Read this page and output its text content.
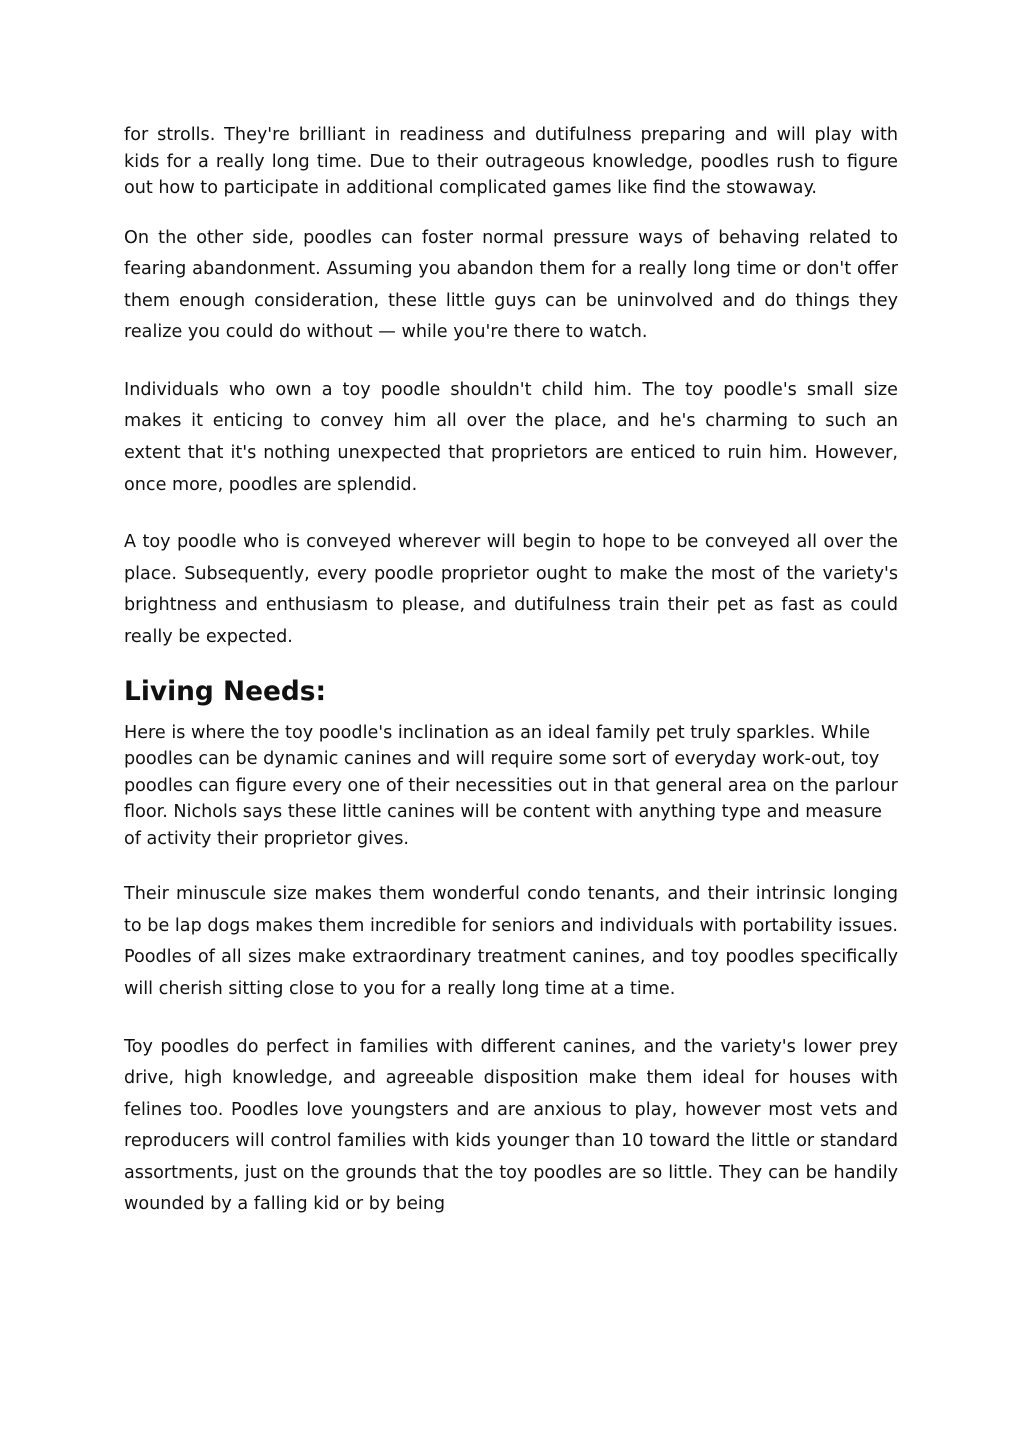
for strolls. They're brilliant in readiness and dutifulness preparing and will play with kids for a really long time. Due to their outrageous knowledge, poodles rush to figure out how to participate in additional complicated games like find the stowaway.

On the other side, poodles can foster normal pressure ways of behaving related to fearing abandonment. Assuming you abandon them for a really long time or don't offer them enough consideration, these little guys can be uninvolved and do things they realize you could do without — while you're there to watch.

Individuals who own a toy poodle shouldn't child him. The toy poodle's small size makes it enticing to convey him all over the place, and he's charming to such an extent that it's nothing unexpected that proprietors are enticed to ruin him. However, once more, poodles are splendid.

A toy poodle who is conveyed wherever will begin to hope to be conveyed all over the place. Subsequently, every poodle proprietor ought to make the most of the variety's brightness and enthusiasm to please, and dutifulness train their pet as fast as could really be expected.

Living Needs:

Here is where the toy poodle's inclination as an ideal family pet truly sparkles. While poodles can be dynamic canines and will require some sort of everyday work-out, toy poodles can figure every one of their necessities out in that general area on the parlour floor. Nichols says these little canines will be content with anything type and measure of activity their proprietor gives.

Their minuscule size makes them wonderful condo tenants, and their intrinsic longing to be lap dogs makes them incredible for seniors and individuals with portability issues. Poodles of all sizes make extraordinary treatment canines, and toy poodles specifically will cherish sitting close to you for a really long time at a time.

Toy poodles do perfect in families with different canines, and the variety's lower prey drive, high knowledge, and agreeable disposition make them ideal for houses with felines too. Poodles love youngsters and are anxious to play, however most vets and reproducers will control families with kids younger than 10 toward the little or standard assortments, just on the grounds that the toy poodles are so little. They can be handily wounded by a falling kid or by being
